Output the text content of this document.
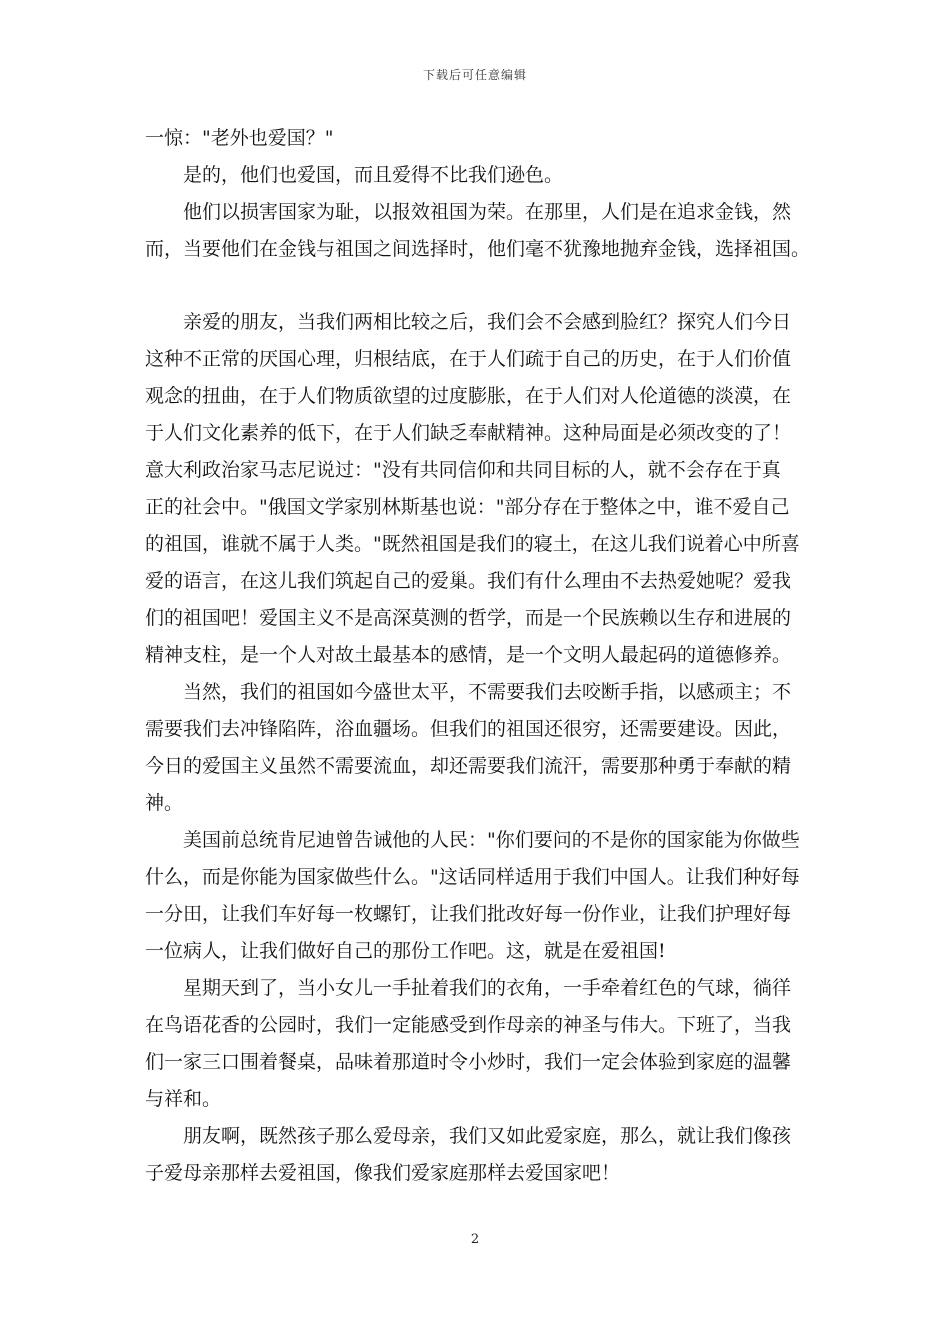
下载后可任意编辑
一惊："老外也爱国？"
是的，他们也爱国，而且爱得不比我们逊色。
他们以损害国家为耻，以报效祖国为荣。在那里，人们是在追求金钱，然
而，当要他们在金钱与祖国之间选择时，他们毫不犹豫地抛弃金钱，选择祖国。
亲爱的朋友，当我们两相比较之后，我们会不会感到脸红？探究人们今日
这种不正常的厌国心理，归根结底，在于人们疏于自己的历史，在于人们价值
观念的扭曲，在于人们物质欲望的过度膨胀，在于人们对人伦道德的淡漠，在
于人们文化素养的低下，在于人们缺乏奉献精神。这种局面是必须改变的了！
意大利政治家马志尼说过："没有共同信仰和共同目标的人，就不会存在于真
正的社会中。"俄国文学家别林斯基也说："部分存在于整体之中，谁不爱自己
的祖国，谁就不属于人类。"既然祖国是我们的寝土，在这儿我们说着心中所喜
爱的语言，在这儿我们筑起自己的爱巢。我们有什么理由不去热爱她呢？爱我
们的祖国吧！爱国主义不是高深莫测的哲学，而是一个民族赖以生存和进展的
精神支柱，是一个人对故土最基本的感情，是一个文明人最起码的道德修养。
当然，我们的祖国如今盛世太平，不需要我们去咬断手指，以感顽主；不
需要我们去冲锋陷阵，浴血疆场。但我们的祖国还很穷，还需要建设。因此，
今日的爱国主义虽然不需要流血，却还需要我们流汗，需要那种勇于奉献的精
神。
美国前总统肯尼迪曾告诫他的人民："你们要问的不是你的国家能为你做些
什么，而是你能为国家做些什么。"这话同样适用于我们中国人。让我们种好每
一分田，让我们车好每一枚螺钉，让我们批改好每一份作业，让我们护理好每
一位病人，让我们做好自己的那份工作吧。这，就是在爱祖国!
星期天到了，当小女儿一手扯着我们的衣角，一手牵着红色的气球，徜徉
在鸟语花香的公园时，我们一定能感受到作母亲的神圣与伟大。下班了，当我
们一家三口围着餐桌，品味着那道时令小炒时，我们一定会体验到家庭的温馨
与祥和。
朋友啊，既然孩子那么爱母亲，我们又如此爱家庭，那么，就让我们像孩
子爱母亲那样去爱祖国，像我们爱家庭那样去爱国家吧！
2
